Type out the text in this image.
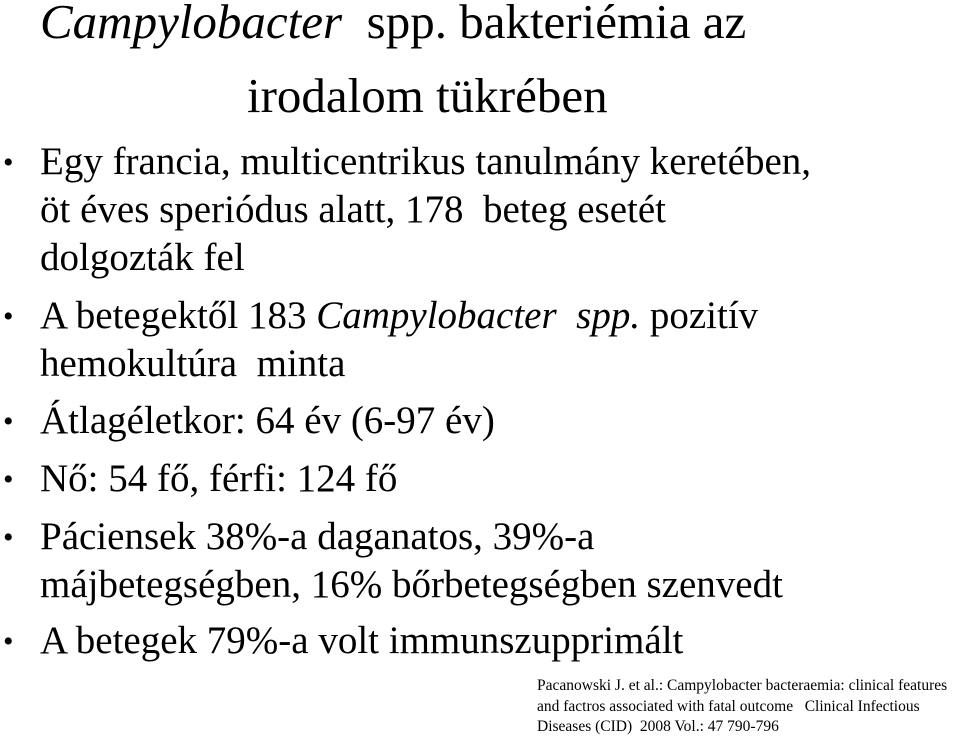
Campylobacter  spp. bakteriémia az
irodalom tükrében
• Egy francia, multicentrikus tanulmány keretében,
öt éves speriódus alatt, 178  beteg esetét
dolgozták fel
• A betegektől 183 Campylobacter  spp. pozitív
hemokultúra  minta
• Átlagéletkor: 64 év (6-97 év)
• Nő: 54 fő, férfi: 124 fő
• Páciensek 38%-a daganatos, 39%-a
májbetegségben, 16% bőrbetegségben szenvedt
• A betegek 79%-a volt immunszupprimált
Pacanowski J. et al.: Campylobacter bacteraemia: clinical features
and factros associated with fatal outcome   Clinical Infectious
Diseases (CID)  2008 Vol.: 47 790-796
